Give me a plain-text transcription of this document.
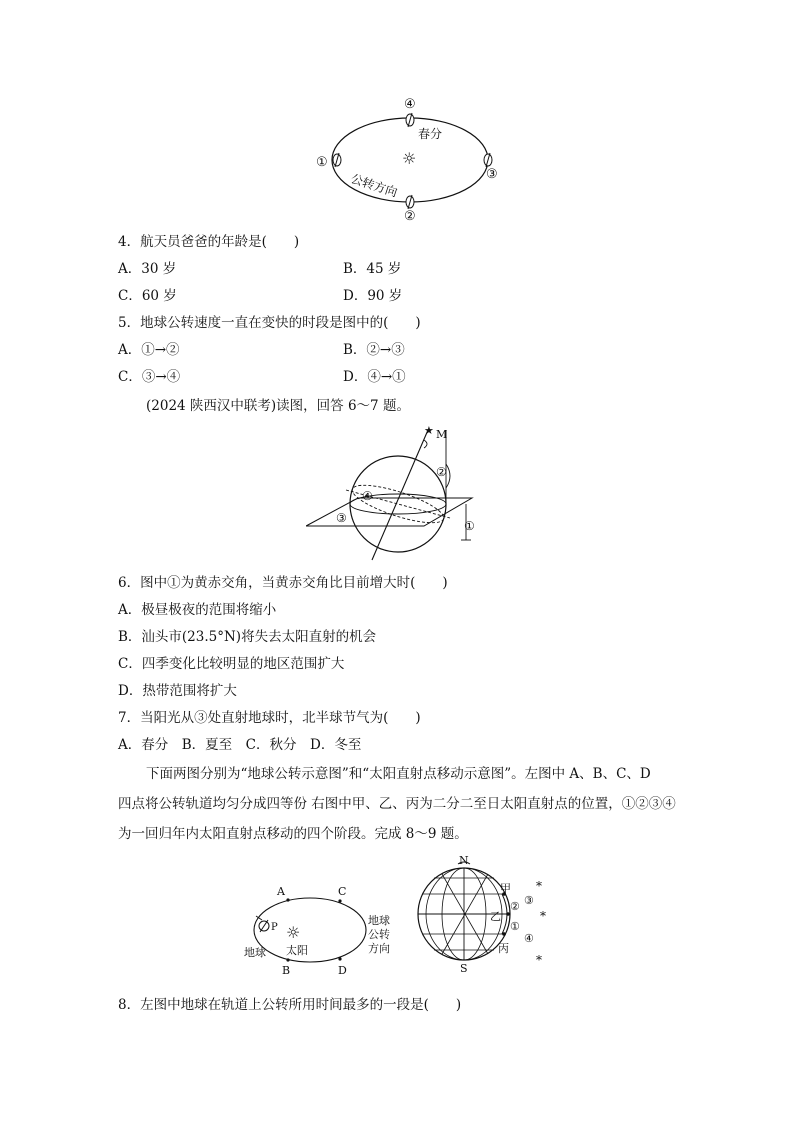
④
春分
①	☼
③
公转方向
②
4．航天员爸爸的年龄是(　　)
A．30 岁	B．45 岁
C．60 岁	D．90 岁
5．地球公转速度一直在变快的时段是图中的(　　)
A．①→②	B．②→③
C．③→④	D．④→①
(2024 陕西汉中联考)读图，回答 6～7 题。
★ M
②
④
③
①
6．图中①为黄赤交角，当黄赤交角比目前增大时(　　)
A．极昼极夜的范围将缩小
B．汕头市(23.5°N)将失去太阳直射的机会
C．四季变化比较明显的地区范围扩大
D．热带范围将扩大
7．当阳光从③处直射地球时，北半球节气为(　　)
A．春分　B．夏至　C．秋分　D．冬至
下面两图分别为“地球公转示意图”和“太阳直射点移动示意图”。左图中 A、B、C、D
四点将公转轨道均匀分成四等份 右图中甲、乙、丙为二分二至日太阳直射点的位置，①②③④
为一回归年内太阳直射点移动的四个阶段。完成 8～9 题。
A	C
B	D
P ☼
太阳
地球
地球
公转
方向
N
S
甲
乙
丙
②
①
③
④
*
*
*
8．左图中地球在轨道上公转所用时间最多的一段是(　　)
